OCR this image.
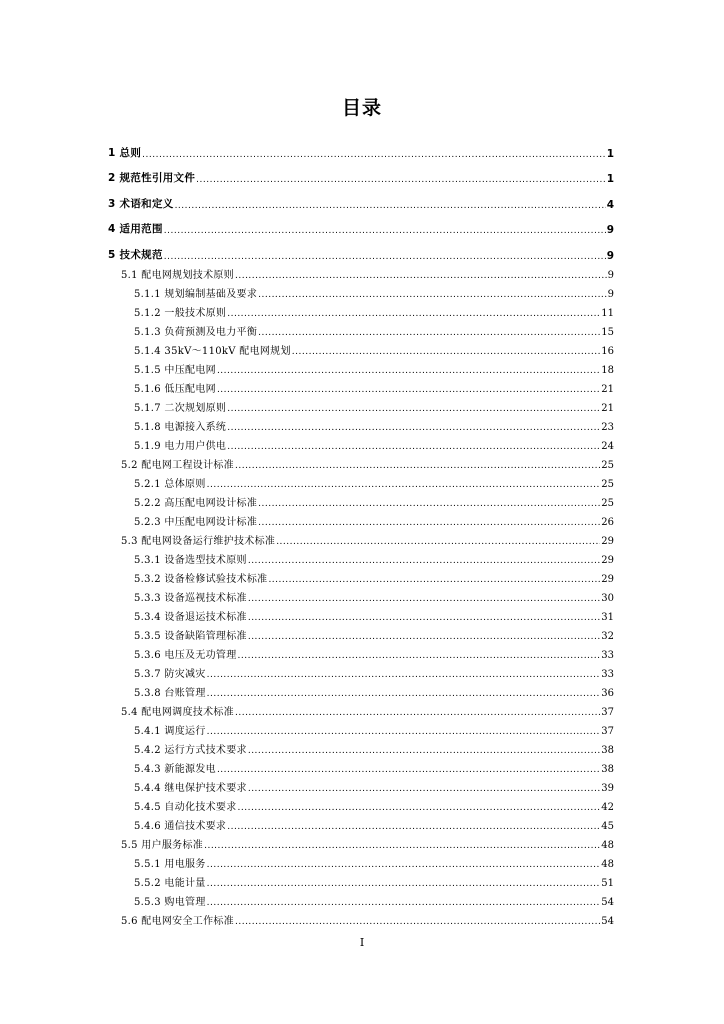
目录
1 总则 .....	1
2 规范性引用文件 .....	1
3 术语和定义 .....	4
4 适用范围 .....	9
5 技术规范 .....	9
5.1 配电网规划技术原则 .....	9
5.1.1 规划编制基础及要求 .....	9
5.1.2 一般技术原则 .....	11
5.1.3 负荷预测及电力平衡 .....	15
5.1.4 35kV～110kV 配电网规划 .....	16
5.1.5 中压配电网 .....	18
5.1.6 低压配电网 .....	21
5.1.7 二次规划原则 .....	21
5.1.8 电源接入系统 .....	23
5.1.9 电力用户供电 .....	24
5.2 配电网工程设计标准 .....	25
5.2.1 总体原则 .....	25
5.2.2 高压配电网设计标准 .....	25
5.2.3 中压配电网设计标准 .....	26
5.3 配电网设备运行维护技术标准 .....	29
5.3.1 设备选型技术原则 .....	29
5.3.2 设备检修试验技术标准 .....	29
5.3.3 设备巡视技术标准 .....	30
5.3.4 设备退运技术标准 .....	31
5.3.5 设备缺陷管理标准 .....	32
5.3.6 电压及无功管理 .....	33
5.3.7 防灾减灾 .....	33
5.3.8 台账管理 .....	36
5.4 配电网调度技术标准 .....	37
5.4.1 调度运行 .....	37
5.4.2 运行方式技术要求 .....	38
5.4.3 新能源发电 .....	38
5.4.4 继电保护技术要求 .....	39
5.4.5 自动化技术要求 .....	42
5.4.6 通信技术要求 .....	45
5.5 用户服务标准 .....	48
5.5.1 用电服务 .....	48
5.5.2 电能计量 .....	51
5.5.3 购电管理 .....	54
5.6 配电网安全工作标准 .....	54
I
